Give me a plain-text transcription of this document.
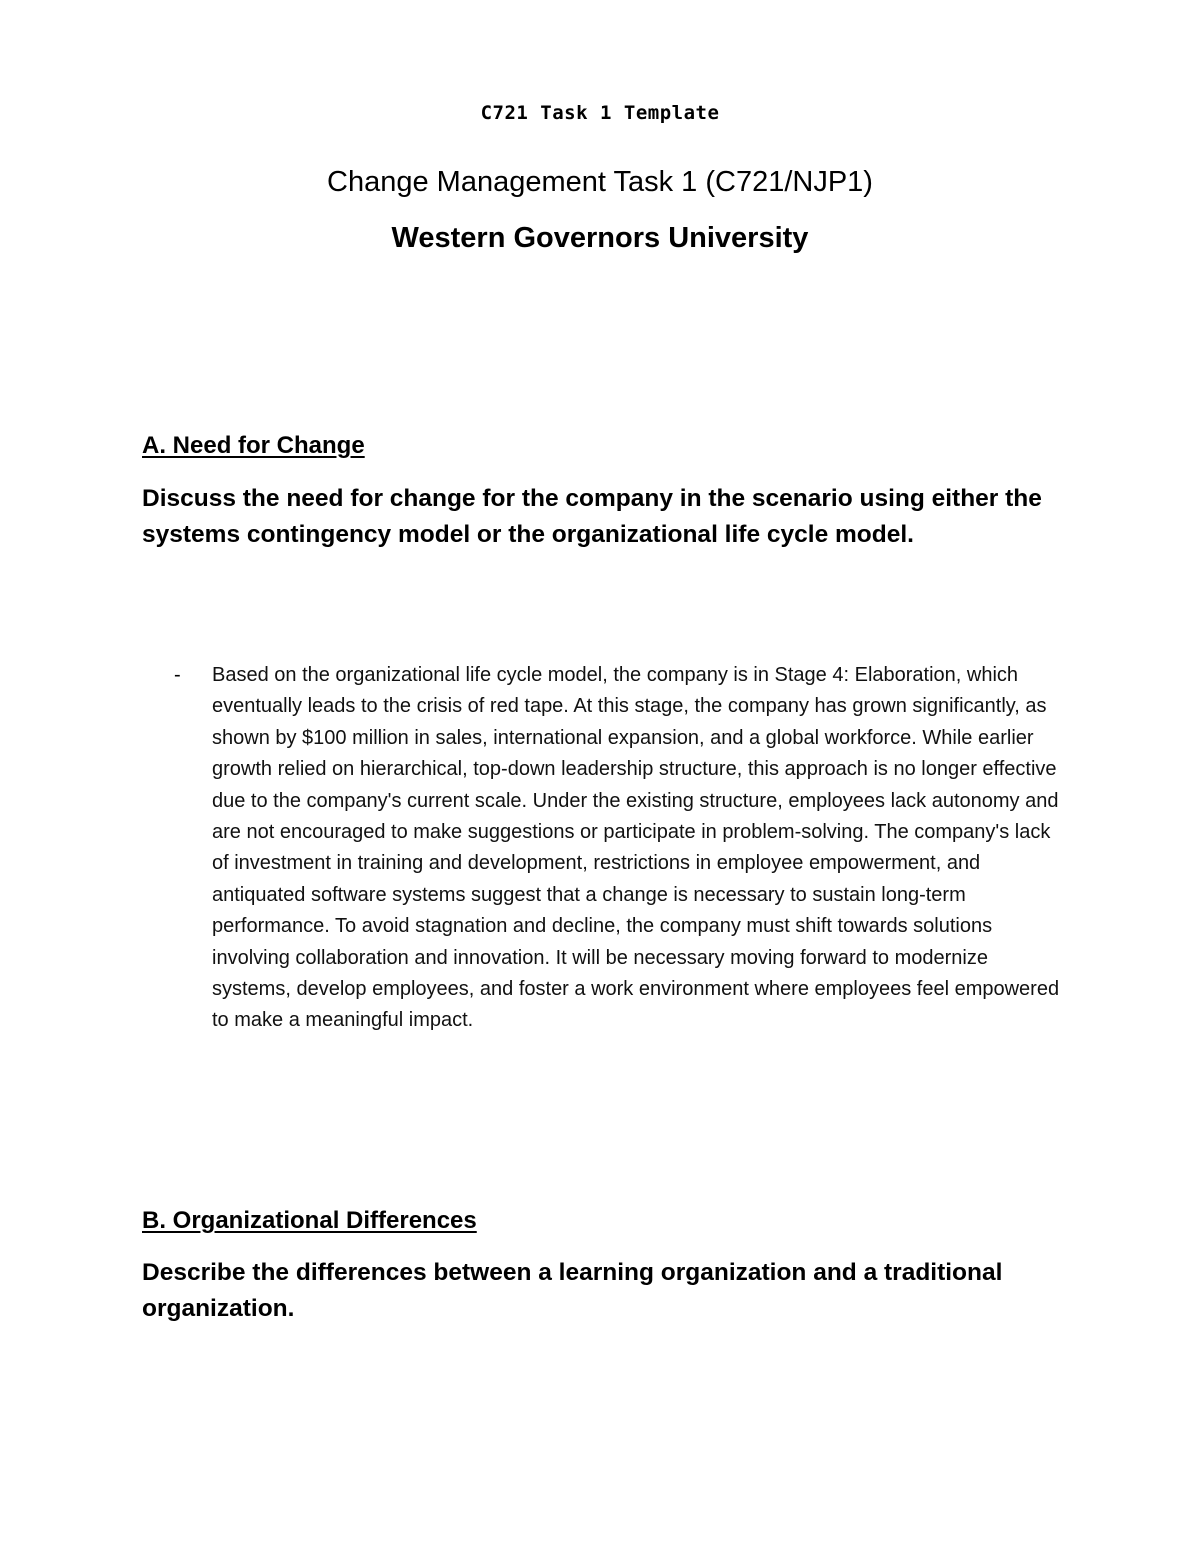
C721 Task 1 Template
Change Management Task 1 (C721/NJP1)
Western Governors University
A. Need for Change
Discuss the need for change for the company in the scenario using either the systems contingency model or the organizational life cycle model.
- Based on the organizational life cycle model, the company is in Stage 4: Elaboration, which eventually leads to the crisis of red tape. At this stage, the company has grown significantly, as shown by $100 million in sales, international expansion, and a global workforce. While earlier growth relied on hierarchical, top-down leadership structure, this approach is no longer effective due to the company's current scale. Under the existing structure, employees lack autonomy and are not encouraged to make suggestions or participate in problem-solving. The company's lack of investment in training and development, restrictions in employee empowerment, and antiquated software systems suggest that a change is necessary to sustain long-term performance. To avoid stagnation and decline, the company must shift towards solutions involving collaboration and innovation. It will be necessary moving forward to modernize systems, develop employees, and foster a work environment where employees feel empowered to make a meaningful impact.
B. Organizational Differences
Describe the differences between a learning organization and a traditional organization.
